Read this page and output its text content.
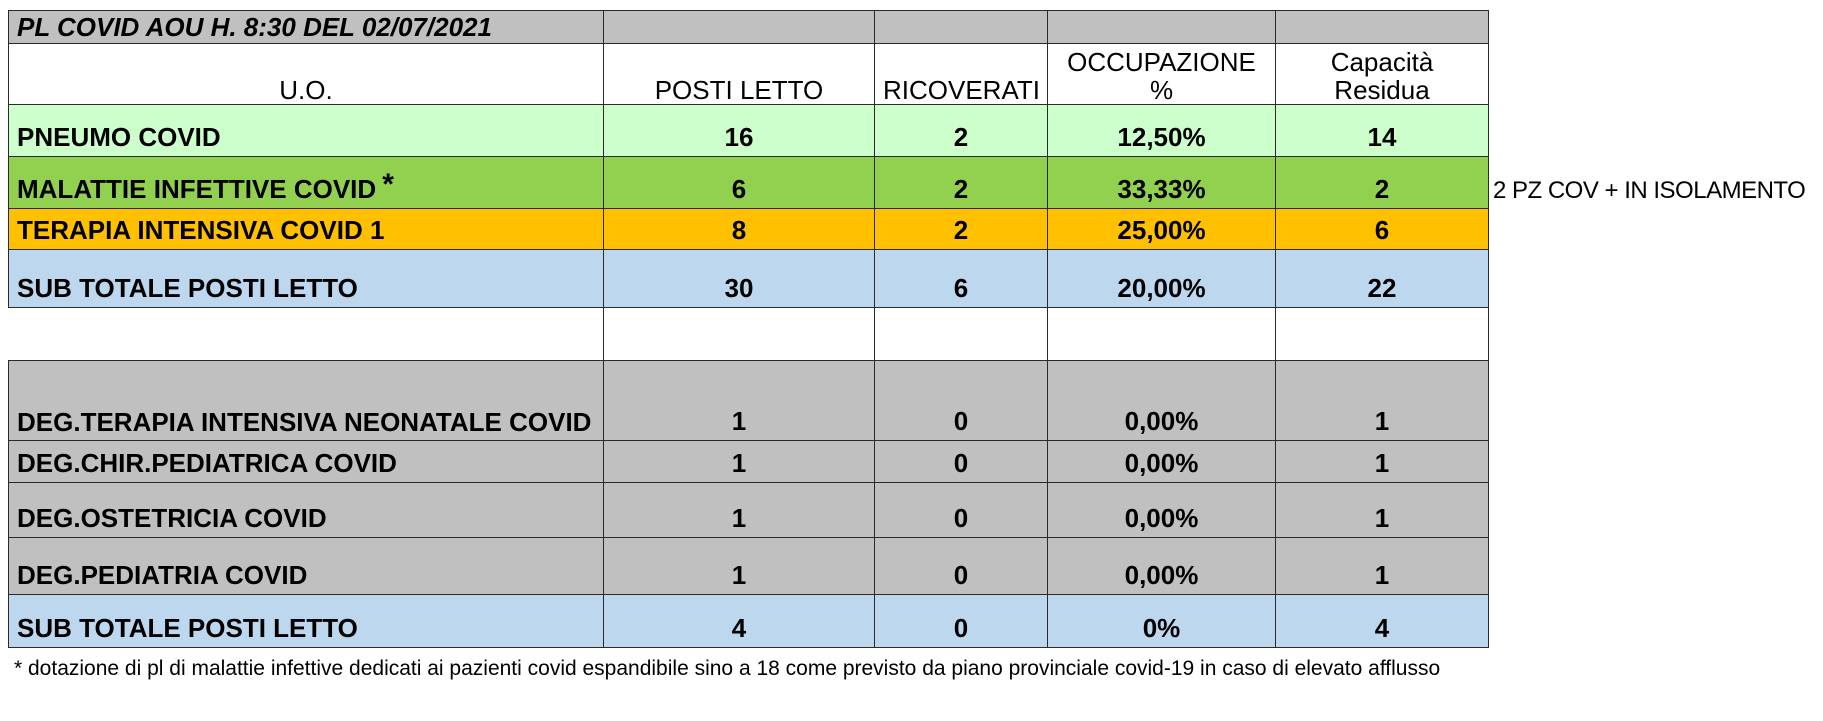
PL COVID AOU H. 8:30 DEL 02/07/2021				
U.O.	POSTI LETTO	RICOVERATI	OCCUPAZIONE %	Capacità Residua
PNEUMO COVID	16	2	12,50%	14
MALATTIE INFETTIVE COVID *	6	2	33,33%	2
TERAPIA INTENSIVA COVID 1	8	2	25,00%	6
SUB TOTALE POSTI LETTO	30	6	20,00%	22

DEG.TERAPIA INTENSIVA NEONATALE COVID	1	0	0,00%	1
DEG.CHIR.PEDIATRICA COVID	1	0	0,00%	1
DEG.OSTETRICIA COVID	1	0	0,00%	1
DEG.PEDIATRIA COVID	1	0	0,00%	1
SUB TOTALE POSTI LETTO	4	0	0%	4
2 PZ COV + IN ISOLAMENTO
* dotazione di pl di malattie infettive dedicati ai pazienti covid espandibile sino a 18 come previsto da piano provinciale covid-19 in caso di elevato afflusso
